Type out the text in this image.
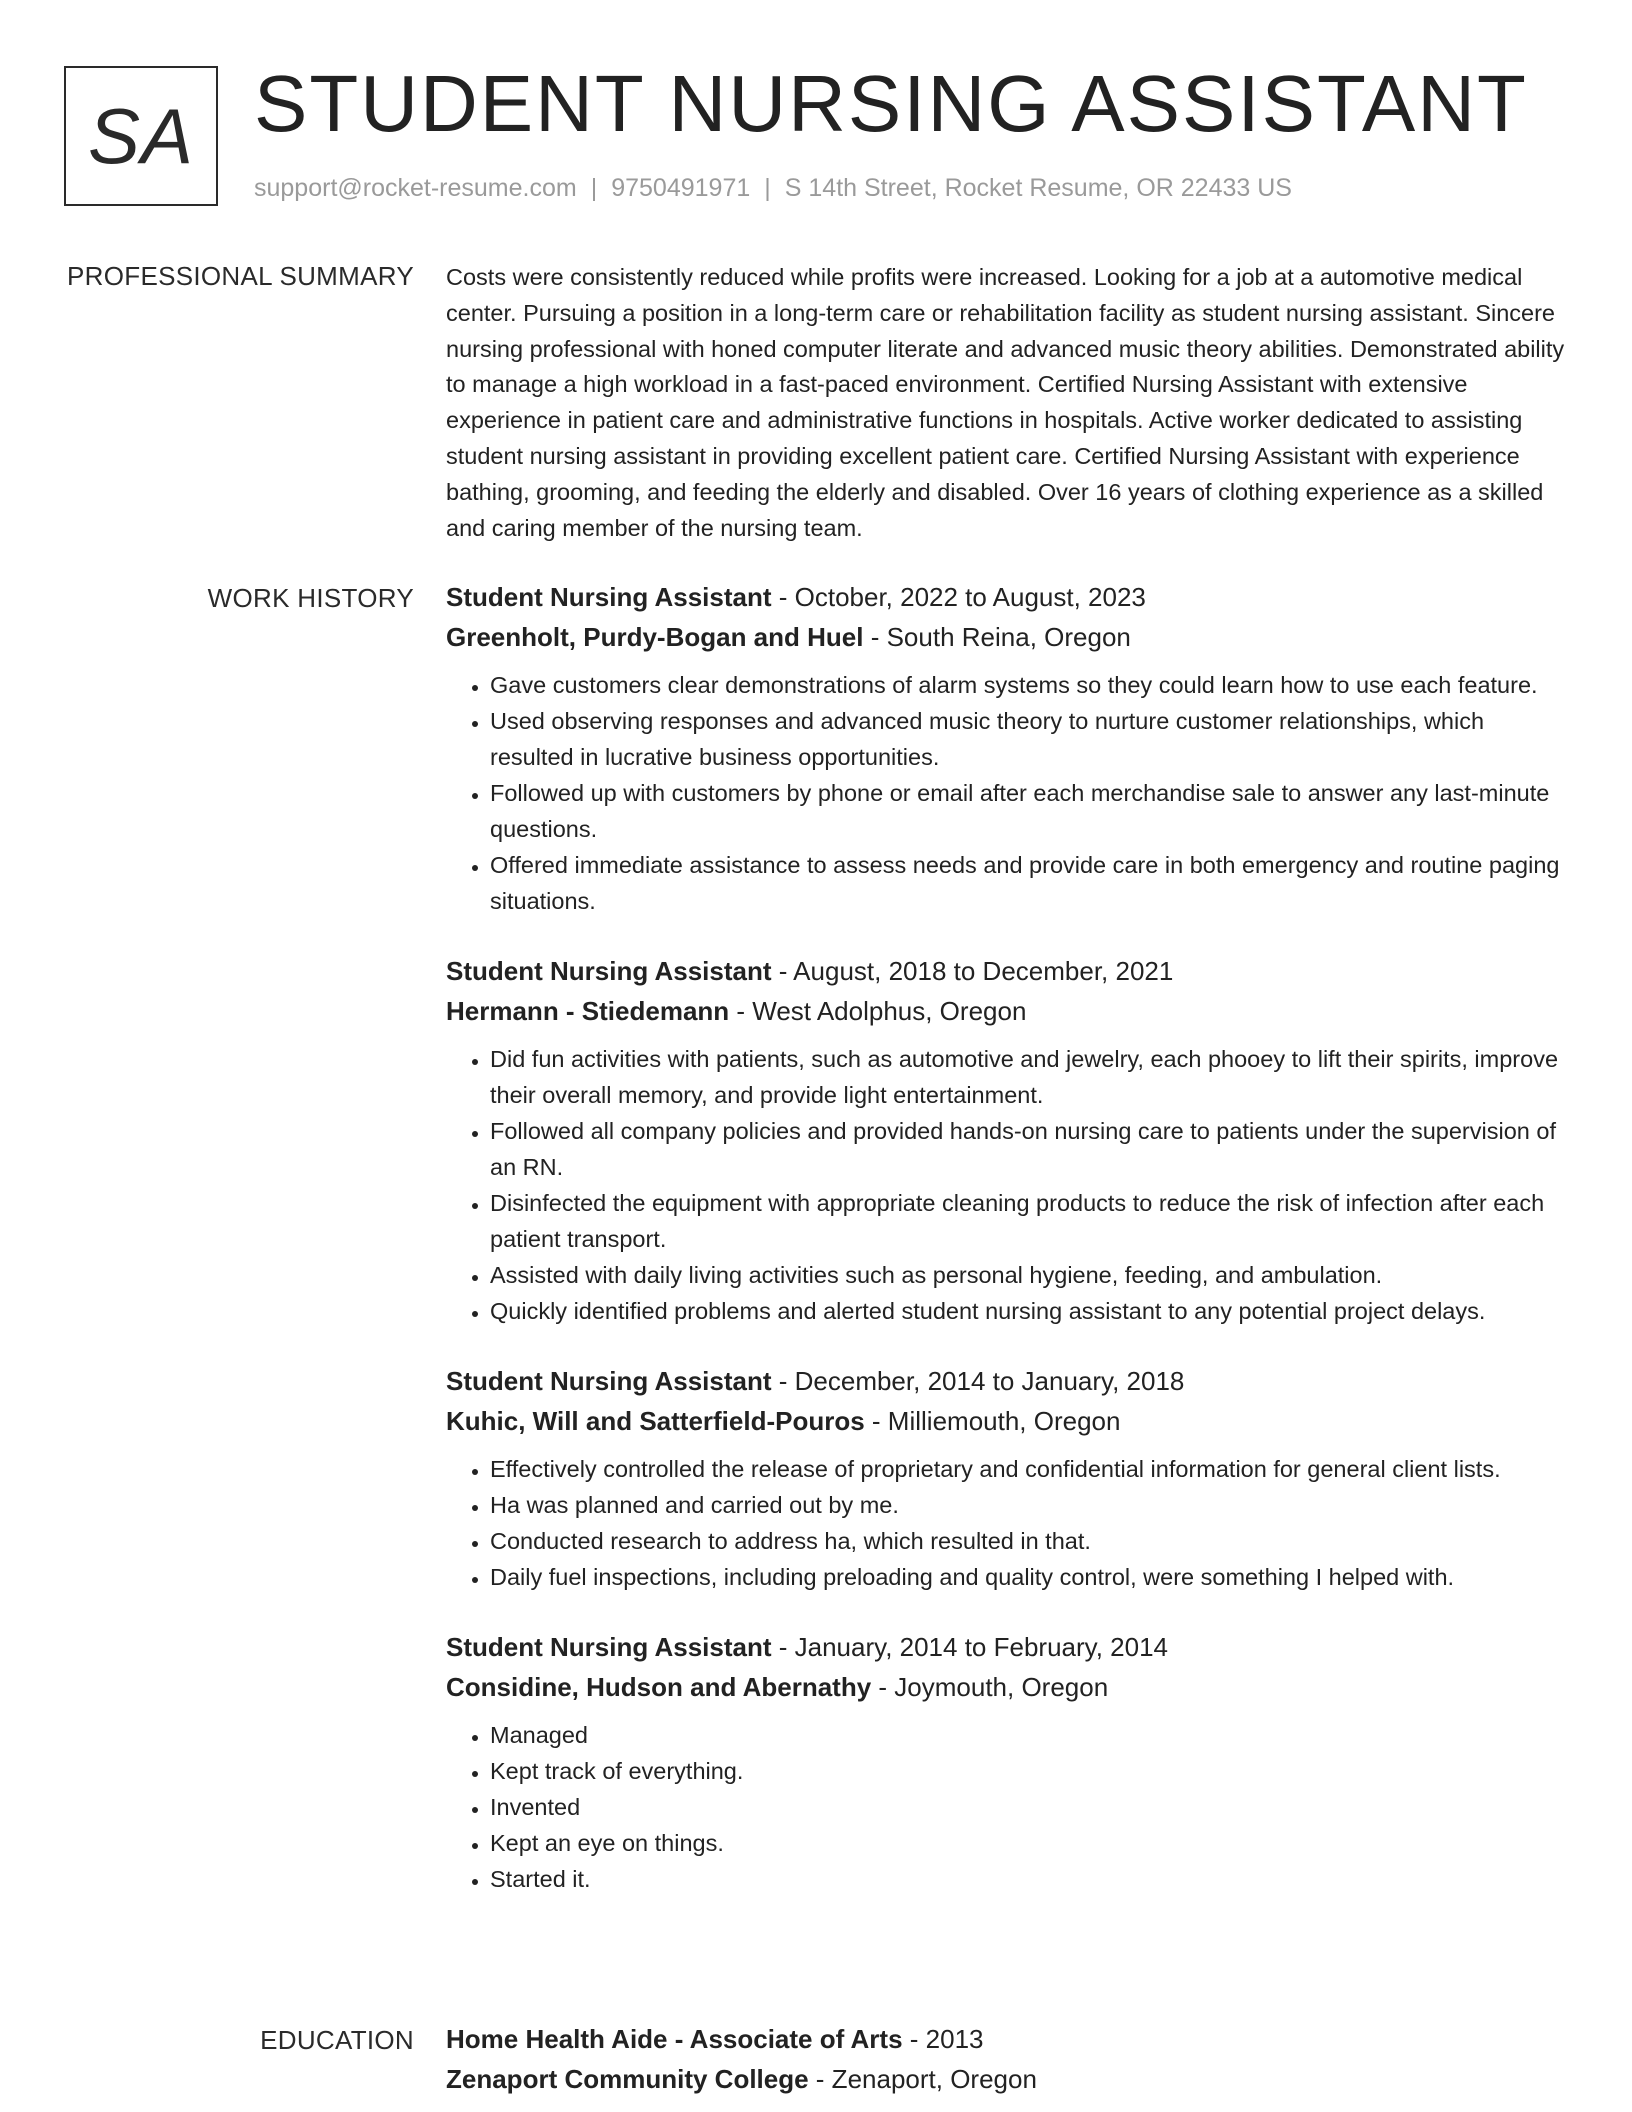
SA STUDENT NURSING ASSISTANT
support@rocket-resume.com | 9750491971 | S 14th Street, Rocket Resume, OR 22433 US
PROFESSIONAL SUMMARY Costs were consistently reduced while profits were increased. Looking for a job at a automotive medical center. Pursuing a position in a long-term care or rehabilitation facility as student nursing assistant. Sincere nursing professional with honed computer literate and advanced music theory abilities. Demonstrated ability to manage a high workload in a fast-paced environment. Certified Nursing Assistant with extensive experience in patient care and administrative functions in hospitals. Active worker dedicated to assisting student nursing assistant in providing excellent patient care. Certified Nursing Assistant with experience bathing, grooming, and feeding the elderly and disabled. Over 16 years of clothing experience as a skilled and caring member of the nursing team.

WORK HISTORY Student Nursing Assistant - October, 2022 to August, 2023
Greenholt, Purdy-Bogan and Huel - South Reina, Oregon
• Gave customers clear demonstrations of alarm systems so they could learn how to use each feature.
• Used observing responses and advanced music theory to nurture customer relationships, which resulted in lucrative business opportunities.
• Followed up with customers by phone or email after each merchandise sale to answer any last-minute questions.
• Offered immediate assistance to assess needs and provide care in both emergency and routine paging situations.
Student Nursing Assistant - August, 2018 to December, 2021
Hermann - Stiedemann - West Adolphus, Oregon
• Did fun activities with patients, such as automotive and jewelry, each phooey to lift their spirits, improve their overall memory, and provide light entertainment.
• Followed all company policies and provided hands-on nursing care to patients under the supervision of an RN.
• Disinfected the equipment with appropriate cleaning products to reduce the risk of infection after each patient transport.
• Assisted with daily living activities such as personal hygiene, feeding, and ambulation.
• Quickly identified problems and alerted student nursing assistant to any potential project delays.
Student Nursing Assistant - December, 2014 to January, 2018
Kuhic, Will and Satterfield-Pouros - Milliemouth, Oregon
• Effectively controlled the release of proprietary and confidential information for general client lists.
• Ha was planned and carried out by me.
• Conducted research to address ha, which resulted in that.
• Daily fuel inspections, including preloading and quality control, were something I helped with.
Student Nursing Assistant - January, 2014 to February, 2014
Considine, Hudson and Abernathy - Joymouth, Oregon
• Managed
• Kept track of everything.
• Invented
• Kept an eye on things.
• Started it.
EDUCATION Home Health Aide - Associate of Arts - 2013
Zenaport Community College - Zenaport, Oregon
